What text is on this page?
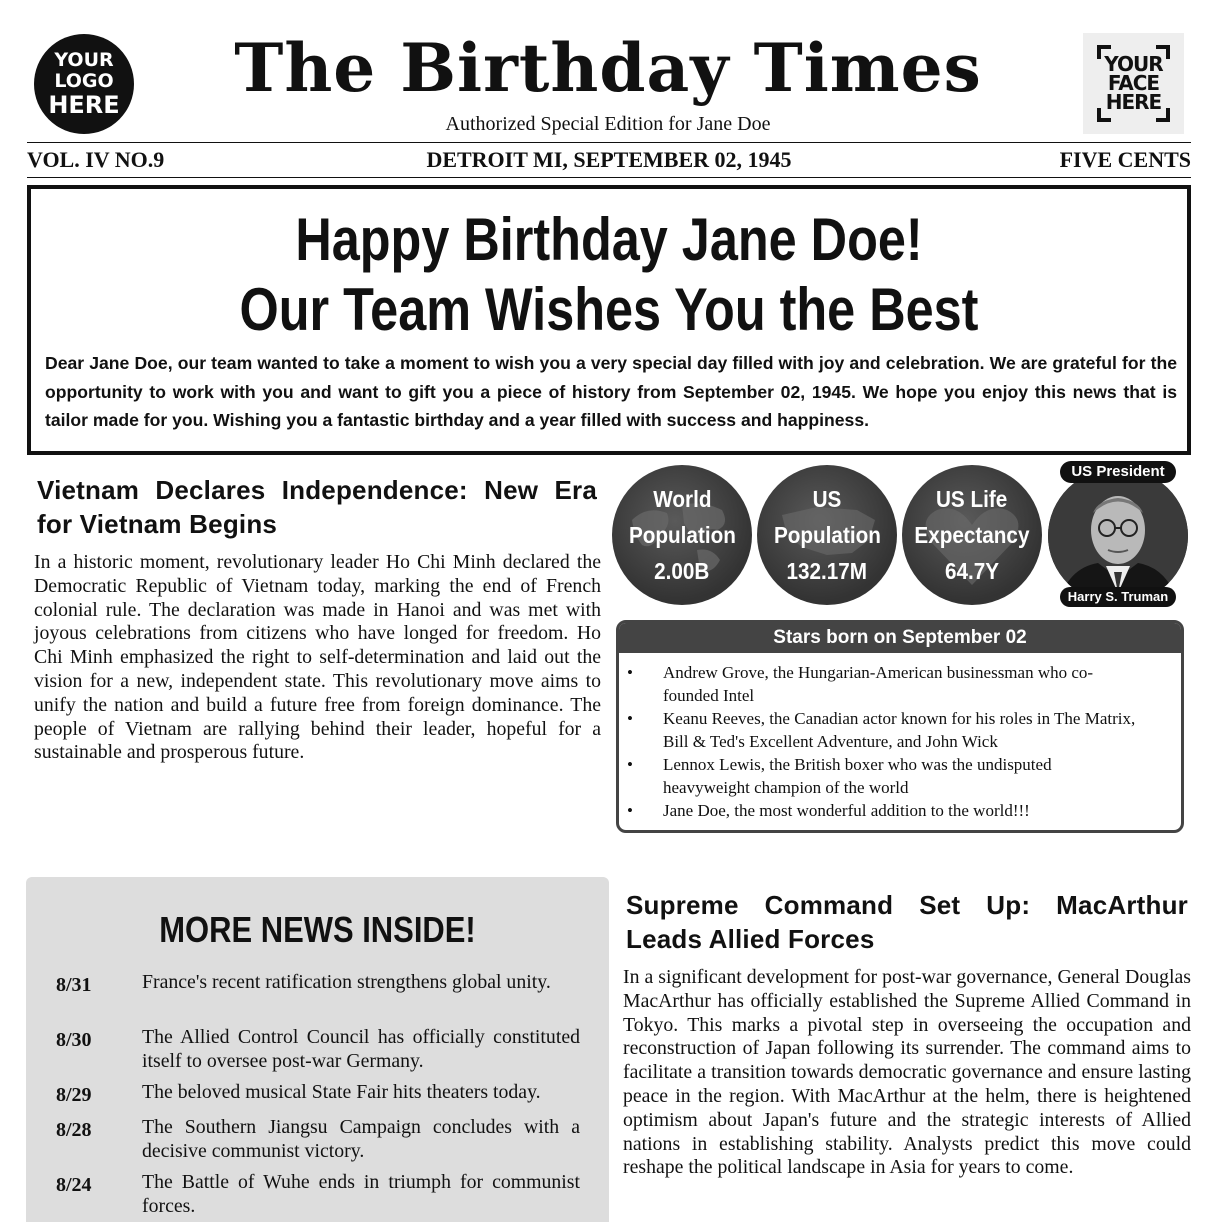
YOUR
LOGO
HERE The Birthday Times
Authorized Special Edition for Jane Doe
YOUR
FACE
HERE
DETROIT MI, SEPTEMBER 02, 1945
VOL. IV NO.9	FIVE CENTS
Happy Birthday Jane Doe!
Our Team Wishes You the Best
Dear Jane Doe, our team wanted to take a moment to wish you a very special day filled with joy and celebration. We are grateful for the opportunity to work with you and want to gift you a piece of history from September 02, 1945. We hope you enjoy this news that is tailor made for you. Wishing you a fantastic birthday and a year filled with success and happiness.
Vietnam Declares Independence: New Era for Vietnam Begins
In a historic moment, revolutionary leader Ho Chi Minh declared the Democratic Republic of Vietnam today, marking the end of French colonial rule. The declaration was made in Hanoi and was met with joyous celebrations from citizens who have longed for freedom. Ho Chi Minh emphasized the right to self-determination and laid out the vision for a new, independent state. This revolutionary move aims to unify the nation and build a future free from foreign dominance. The people of Vietnam are rallying behind their leader, hopeful for a sustainable and prosperous future.
World
Population
2.00B
US
Population
132.17M
US Life
Expectancy
64.7Y
US President
Harry S. Truman
Stars born on September 02
• Andrew Grove, the Hungarian-American businessman who co-founded Intel
• Keanu Reeves, the Canadian actor known for his roles in The Matrix, Bill & Ted's Excellent Adventure, and John Wick
• Lennox Lewis, the British boxer who was the undisputed heavyweight champion of the world
• Jane Doe, the most wonderful addition to the world!!!
MORE NEWS INSIDE!
8/31	France's recent ratification strengthens global unity.
8/30	The Allied Control Council has officially constituted itself to oversee post-war Germany.
8/29	The beloved musical State Fair hits theaters today.
8/28	The Southern Jiangsu Campaign concludes with a decisive communist victory.
8/24	The Battle of Wuhe ends in triumph for communist forces.
Supreme Command Set Up: MacArthur Leads Allied Forces
In a significant development for post-war governance, General Douglas MacArthur has officially established the Supreme Allied Command in Tokyo. This marks a pivotal step in overseeing the occupation and reconstruction of Japan following its surrender. The command aims to facilitate a transition towards democratic governance and ensure lasting peace in the region. With MacArthur at the helm, there is heightened optimism about Japan's future and the strategic interests of Allied nations in establishing stability. Analysts predict this move could reshape the political landscape in Asia for years to come.
